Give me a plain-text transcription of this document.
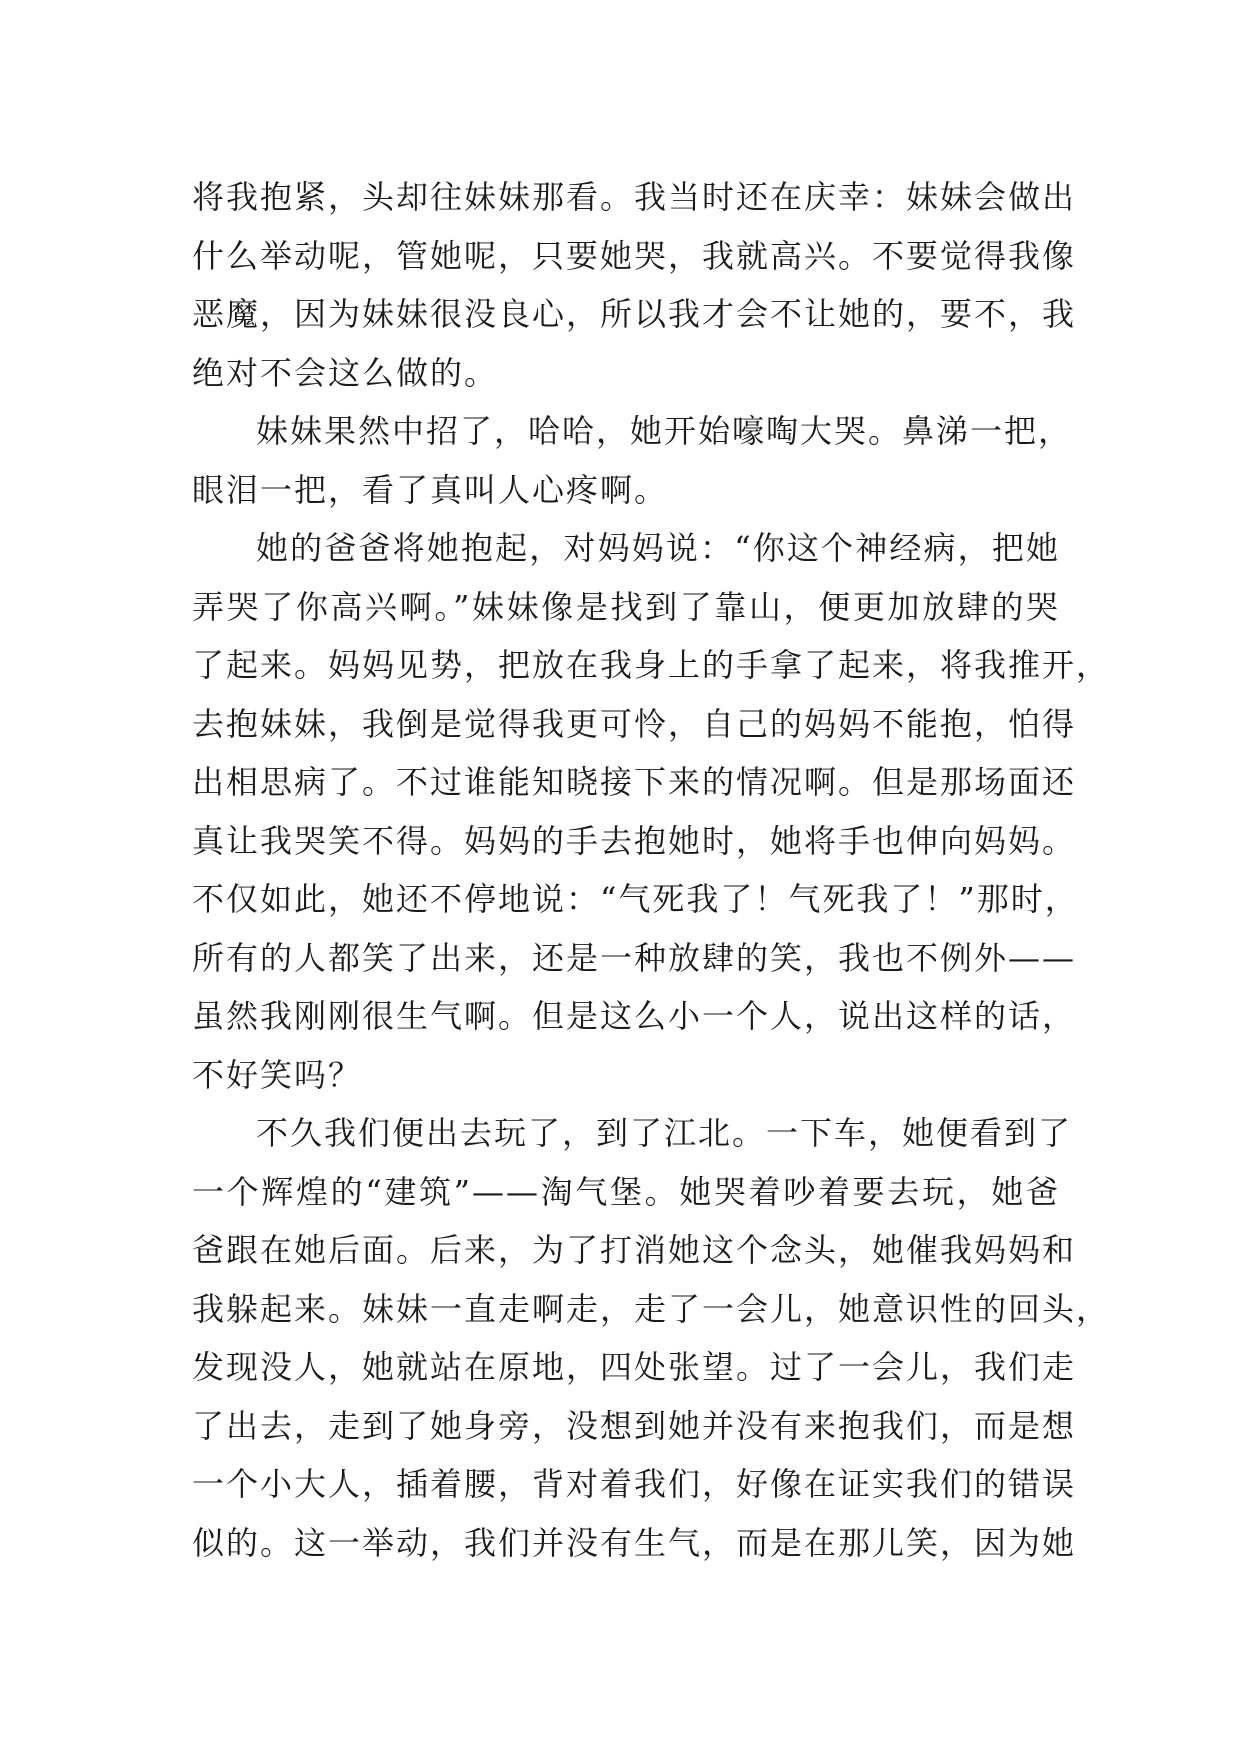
将我抱紧，头却往妹妹那看。我当时还在庆幸：妹妹会做出
什么举动呢，管她呢，只要她哭，我就高兴。不要觉得我像
恶魔，因为妹妹很没良心，所以我才会不让她的，要不，我
绝对不会这么做的。
妹妹果然中招了，哈哈，她开始嚎啕大哭。鼻涕一把，
眼泪一把，看了真叫人心疼啊。
她的爸爸将她抱起，对妈妈说：“你这个神经病，把她
弄哭了你高兴啊。”妹妹像是找到了靠山，便更加放肆的哭
了起来。妈妈见势，把放在我身上的手拿了起来，将我推开，
去抱妹妹，我倒是觉得我更可怜，自己的妈妈不能抱，怕得
出相思病了。不过谁能知晓接下来的情况啊。但是那场面还
真让我哭笑不得。妈妈的手去抱她时，她将手也伸向妈妈。
不仅如此，她还不停地说：“气死我了！气死我了！”那时，
所有的人都笑了出来，还是一种放肆的笑，我也不例外——
虽然我刚刚很生气啊。但是这么小一个人，说出这样的话，
不好笑吗？
不久我们便出去玩了，到了江北。一下车，她便看到了
一个辉煌的“建筑”——淘气堡。她哭着吵着要去玩，她爸
爸跟在她后面。后来，为了打消她这个念头，她催我妈妈和
我躲起来。妹妹一直走啊走，走了一会儿，她意识性的回头，
发现没人，她就站在原地，四处张望。过了一会儿，我们走
了出去，走到了她身旁，没想到她并没有来抱我们，而是想
一个小大人，插着腰，背对着我们，好像在证实我们的错误
似的。这一举动，我们并没有生气，而是在那儿笑，因为她
